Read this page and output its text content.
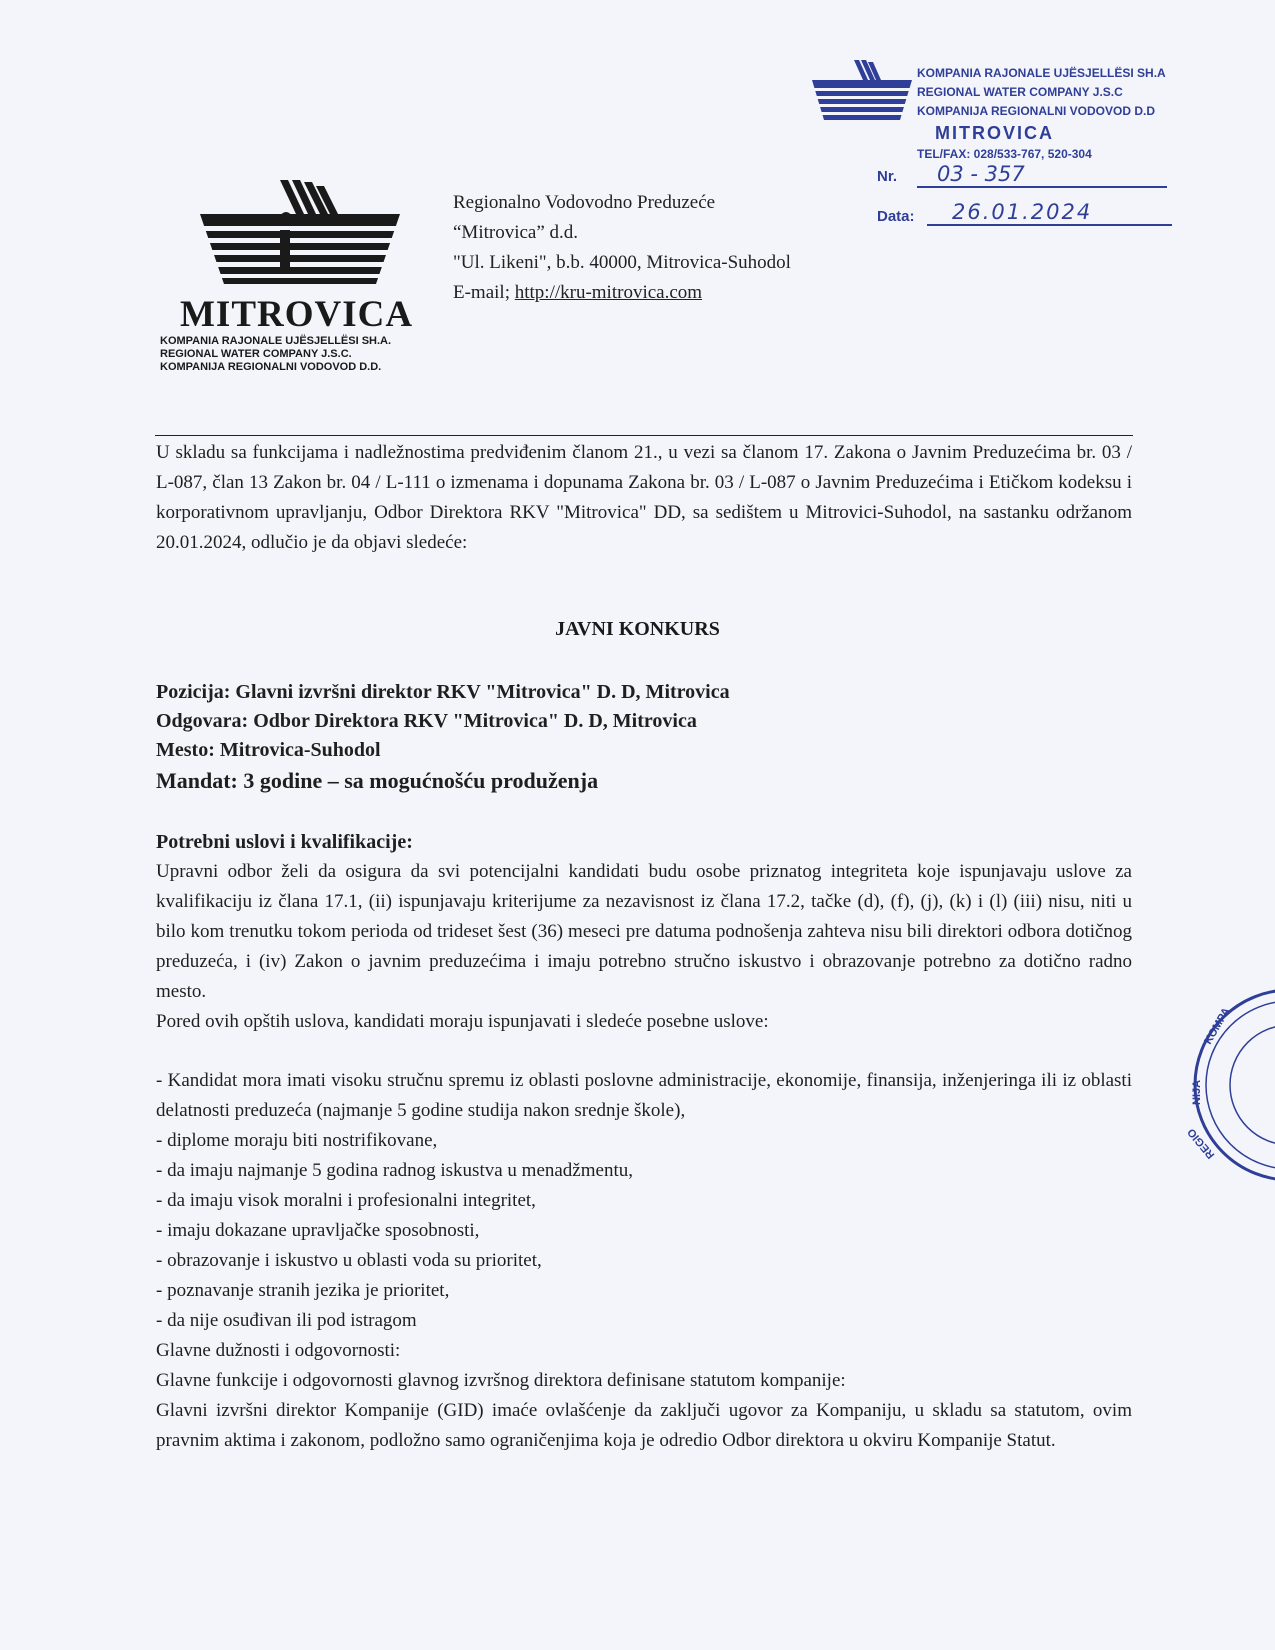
MITROVICA
KOMPANIA RAJONALE UJËSJELLËSI SH.A.
REGIONAL WATER COMPANY J.S.C.
KOMPANIJA REGIONALNI VODOVOD D.D.
Regionalno Vodovodno Preduzeće
“Mitrovica” d.d.
"Ul. Likeni", b.b. 40000, Mitrovica-Suhodol
E-mail; http://kru-mitrovica.com
KOMPANIA RAJONALE UJËSJELLËSI SH.A
REGIONAL WATER COMPANY J.S.C
KOMPANIJA REGIONALNI VODOVOD D.D
MITROVICA
TEL/FAX: 028/533-767, 520-304
Nr.	03 - 357
Data:	26.01.2024
KOMPA
NIJA
REGIO
U skladu sa funkcijama i nadležnostima predviđenim članom 21., u vezi sa članom 17. Zakona o Javnim Preduzećima br. 03 / L-087, član 13 Zakon br. 04 / L-111 o izmenama i dopunama Zakona br. 03 / L-087 o Javnim Preduzećima i Etičkom kodeksu i korporativnom upravljanju, Odbor Direktora RKV "Mitrovica" DD, sa sedištem u Mitrovici-Suhodol, na sastanku održanom 20.01.2024, odlučio je da objavi sledeće:
JAVNI KONKURS
Pozicija: Glavni izvršni direktor RKV "Mitrovica" D. D, Mitrovica
Odgovara: Odbor Direktora RKV "Mitrovica" D. D, Mitrovica
Mesto: Mitrovica-Suhodol
Mandat: 3 godine – sa mogućnošću produženja
Potrebni uslovi i kvalifikacije:
Upravni odbor želi da osigura da svi potencijalni kandidati budu osobe priznatog integriteta koje ispunjavaju uslove za kvalifikaciju iz člana 17.1, (ii) ispunjavaju kriterijume za nezavisnost iz člana 17.2, tačke (d), (f), (j), (k) i (l) (iii) nisu, niti u bilo kom trenutku tokom perioda od trideset šest (36) meseci pre datuma podnošenja zahteva nisu bili direktori odbora dotičnog preduzeća, i (iv) Zakon o javnim preduzećima i imaju potrebno stručno iskustvo i obrazovanje potrebno za dotično radno mesto.
Pored ovih opštih uslova, kandidati moraju ispunjavati i sledeće posebne uslove:
- Kandidat mora imati visoku stručnu spremu iz oblasti poslovne administracije, ekonomije, finansija, inženjeringa ili iz oblasti delatnosti preduzeća (najmanje 5 godine studija nakon srednje škole),
- diplome moraju biti nostrifikovane,
- da imaju najmanje 5 godina radnog iskustva u menadžmentu,
- da imaju visok moralni i profesionalni integritet,
- imaju dokazane upravljačke sposobnosti,
- obrazovanje i iskustvo u oblasti voda su prioritet,
- poznavanje stranih jezika je prioritet,
- da nije osuđivan ili pod istragom
Glavne dužnosti i odgovornosti:
Glavne funkcije i odgovornosti glavnog izvršnog direktora definisane statutom kompanije:
Glavni izvršni direktor Kompanije (GID) imaće ovlašćenje da zaključi ugovor za Kompaniju, u skladu sa statutom, ovim pravnim aktima i zakonom, podložno samo ograničenjima koja je odredio Odbor direktora u okviru Kompanije Statut.
